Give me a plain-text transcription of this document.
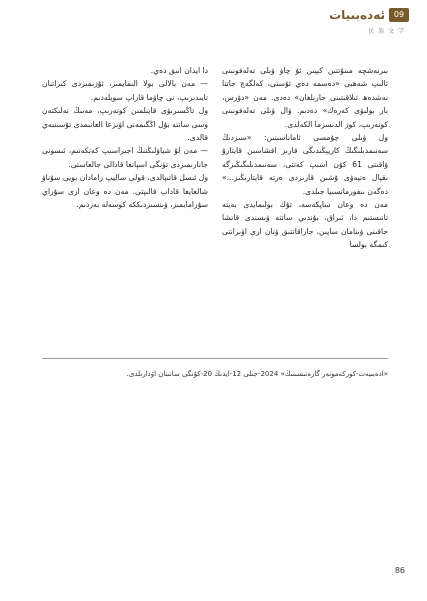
ئەدەبىيات	09
民 族 文 学

بىرنەشچە مىنۇتتىن كېيىن ئۇ چاۋ ۋىلى تەلەفونىنى ئالىپ شەھبى «دەسمە دەي ئۇستى، كەلگەچ جاتتا نەشدەھ ئىلاقىتىنى جارىلغان» دەدى. مەن «دۆرس، بار بولىۋى كەرەك» دەدىم. ۋال ۋىلى تەلەفونىنى كوتەرىپ، كوز الدىسزما الكەلدى.

ول ۋىلى جۇمسى ئاماناسىنىن: «سىزدىڭ سەنىمدىلىگىڭ كاريېڭىدىگى قارىز اقشاسىن قايتارۇ ۋاقىتى 61 كۇن اسىپ كەتتى، سەنىمدىلىگىڭىزگە ىقپال ەتپەۋى ۇشىن قارىزدى ەرتە قايتارىڭىز...» دەگەن ىنفورماتسىيا جىلدى.

مەن دە وعان ساپكەسە، تۇك بولىمايدى بەيتە تانىستىم دا، ئىراق، بۇندىي ساتتە ۋىسندى قانشا جاقىنى ۋىتامان ساپىن، جاراقاتتىق ۋتان ارى اۋىرانتى كىمگە بولسا

دا ايدان انىق دەي.

— مەن بالالى بولا الىمايمىز، ئۇزىمىزدى كىراتنان تايىدىرىپ، نى چاۋما قاراپ سويلەدىم.

ول تاڭسىرىۋى قابىلمىن كوتەرىپ، مەنىڭ نەلىكتەن وسى ساتتە بۇل اڭگىمەنى اۋىزعا العانىمدى تۇسىنبەي قالدى.

— مەن لۇ شياۋلىڭنىڭ اجىراسىپ كەتكەنىم، ئىسونى جانارىمىزدى تۈنگى اسپانعا قادالى جالعاستى.

ول ئىسل قاتىپالدى، قولى ساليپ رامادان بويى سۇناۋ شالعايعا قاداپ قالىپتى. مەن دە وعان ارى سۇراي سۇرامايمىز، ۋىنسىزدىككە كوسەلە بەردىم.

«ادەبىيەت-كوركەمونەر گازەتىسىنىڭ» 2024-جىلى 12-ايدىڭ 20-كۇنگى سانىنان اۋدارىلدى.
86
